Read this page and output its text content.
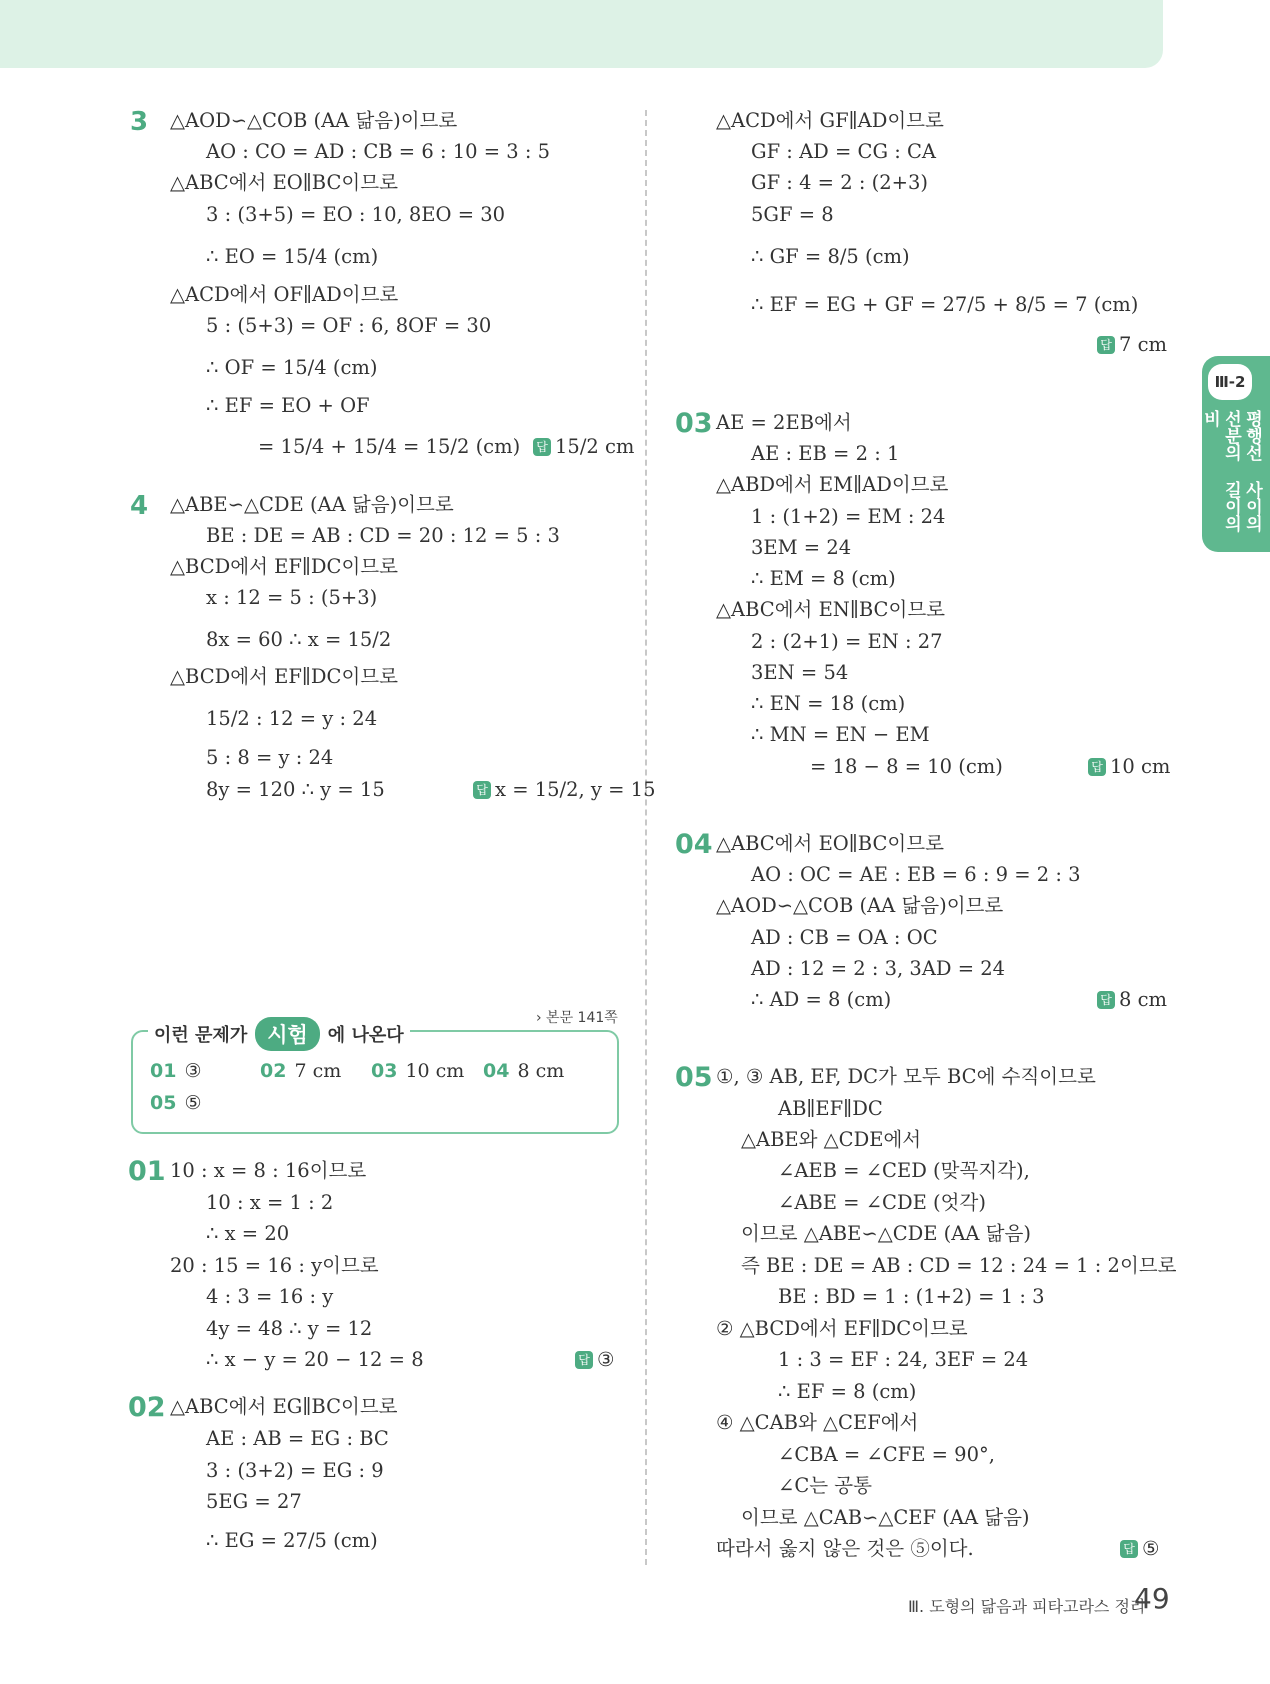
Ⅲ-2
평행선 사이의 선분의 길이의 비
3 △AOD∽△COB (AA 닮음)이므로
AO : CO = AD : CB = 6 : 10 = 3 : 5
△ABC에서 EO∥BC이므로
3 : (3+5) = EO : 10, 8EO = 30
∴ EO = 15/4 (cm)
△ACD에서 OF∥AD이므로
5 : (5+3) = OF : 6, 8OF = 30
∴ OF = 15/4 (cm)
∴ EF = EO + OF
= 15/4 + 15/4 = 15/2 (cm) 답 15/2 cm
4 △ABE∽△CDE (AA 닮음)이므로
BE : DE = AB : CD = 20 : 12 = 5 : 3
△BCD에서 EF∥DC이므로
x : 12 = 5 : (5+3)
8x = 60 ∴ x = 15/2
△BCD에서 EF∥DC이므로
15/2 : 12 = y : 24
5 : 8 = y : 24
8y = 120 ∴ y = 15	답 x = 15/2, y = 15
이런 문제가 시험	에 나온다
› 본문 141쪽
01 ③	02 7 cm 03 10 cm 04 8 cm
05 ⑤
01 10 : x = 8 : 16이므로
10 : x = 1 : 2
∴ x = 20
20 : 15 = 16 : y이므로
4 : 3 = 16 : y
4y = 48 ∴ y = 12
∴ x − y = 20 − 12 = 8	답 ③
02 △ABC에서 EG∥BC이므로
AE : AB = EG : BC
3 : (3+2) = EG : 9
5EG = 27
∴ EG = 27/5 (cm)
△ACD에서 GF∥AD이므로
GF : AD = CG : CA
GF : 4 = 2 : (2+3)
5GF = 8
∴ GF = 8/5 (cm)
∴ EF = EG + GF = 27/5 + 8/5 = 7 (cm)
답 7 cm
03 AE = 2EB에서
AE : EB = 2 : 1
△ABD에서 EM∥AD이므로
1 : (1+2) = EM : 24
3EM = 24
∴ EM = 8 (cm)
△ABC에서 EN∥BC이므로
2 : (2+1) = EN : 27
3EN = 54
∴ EN = 18 (cm)
∴ MN = EN − EM
= 18 − 8 = 10 (cm)	답 10 cm
04 △ABC에서 EO∥BC이므로
AO : OC = AE : EB = 6 : 9 = 2 : 3
△AOD∽△COB (AA 닮음)이므로
AD : CB = OA : OC
AD : 12 = 2 : 3, 3AD = 24
∴ AD = 8 (cm)	답 8 cm
05 ①, ③ AB, EF, DC가 모두 BC에 수직이므로
AB∥EF∥DC
△ABE와 △CDE에서
∠AEB = ∠CED (맞꼭지각),
∠ABE = ∠CDE (엇각)
이므로 △ABE∽△CDE (AA 닮음)
즉 BE : DE = AB : CD = 12 : 24 = 1 : 2이므로
BE : BD = 1 : (1+2) = 1 : 3
② △BCD에서 EF∥DC이므로
1 : 3 = EF : 24, 3EF = 24
∴ EF = 8 (cm)
④ △CAB와 △CEF에서
∠CBA = ∠CFE = 90°,
∠C는 공통
이므로 △CAB∽△CEF (AA 닮음)
따라서 옳지 않은 것은 ⑤이다.	답 ⑤
Ⅲ. 도형의 닮음과 피타고라스 정리
49
